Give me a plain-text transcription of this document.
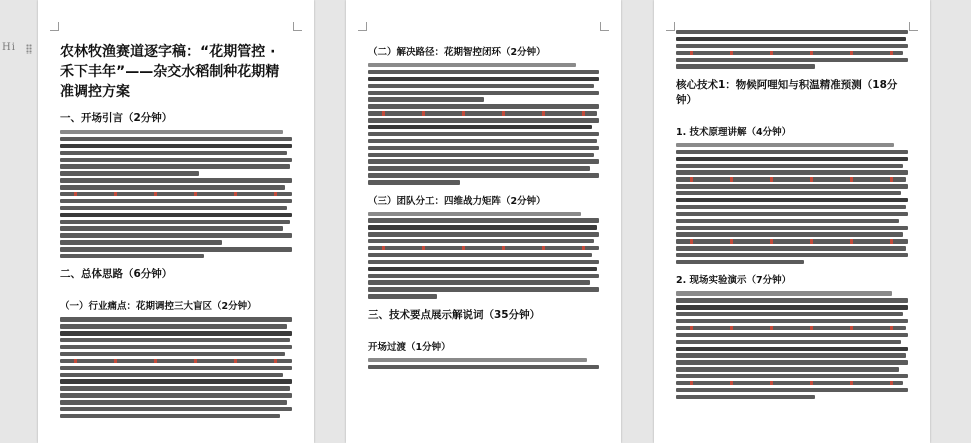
Hi	农林牧渔赛道逐字稿：“花期管控 · 禾下丰年”——杂交水稻制种花期精准调控方案
一、开场引言（2分钟）
二、总体思路（6分钟）
（一）行业痛点：花期调控三大盲区（2分钟）
（二）解决路径：花期智控闭环（2分钟）
（三）团队分工：四维战力矩阵（2分钟）
三、技术要点展示解说词（35分钟）
开场过渡（1分钟）
核心技术1：物候阿哩知与积温精准预测（18分钟）
1. 技术原理讲解（4分钟）
2. 现场实验演示（7分钟）
